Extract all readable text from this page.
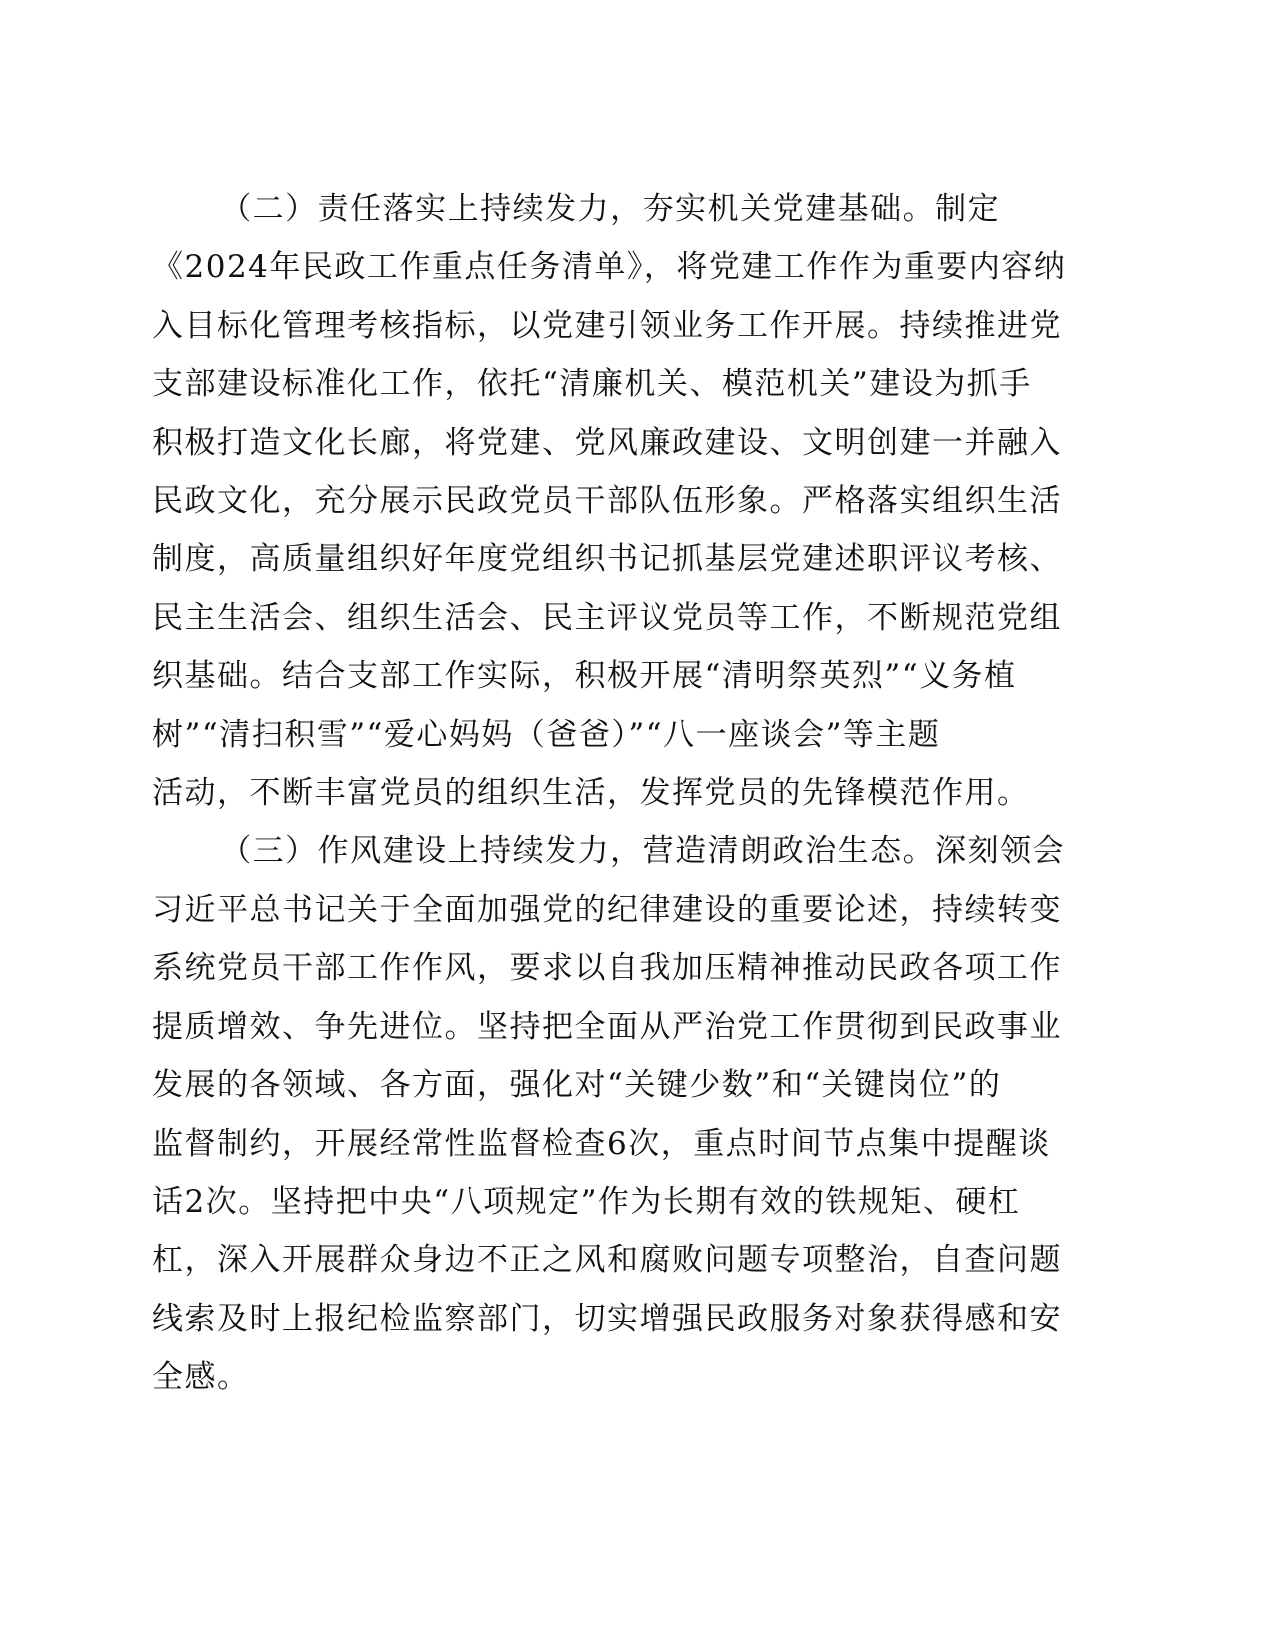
（二）责任落实上持续发力，夯实机关党建基础。制定
《2024年民政工作重点任务清单》，将党建工作作为重要内容纳
入目标化管理考核指标，以党建引领业务工作开展。持续推进党
支部建设标准化工作，依托“清廉机关、模范机关”建设为抓手
积极打造文化长廊，将党建、党风廉政建设、文明创建一并融入
民政文化，充分展示民政党员干部队伍形象。严格落实组织生活
制度，高质量组织好年度党组织书记抓基层党建述职评议考核、
民主生活会、组织生活会、民主评议党员等工作，不断规范党组
织基础。结合支部工作实际，积极开展“清明祭英烈”“义务植
树”“清扫积雪”“爱心妈妈（爸爸）”“八一座谈会”等主题
活动，不断丰富党员的组织生活，发挥党员的先锋模范作用。

（三）作风建设上持续发力，营造清朗政治生态。深刻领会
习近平总书记关于全面加强党的纪律建设的重要论述，持续转变
系统党员干部工作作风，要求以自我加压精神推动民政各项工作
提质增效、争先进位。坚持把全面从严治党工作贯彻到民政事业
发展的各领域、各方面，强化对“关键少数”和“关键岗位”的
监督制约，开展经常性监督检查6次，重点时间节点集中提醒谈
话2次。坚持把中央“八项规定”作为长期有效的铁规矩、硬杠
杠，深入开展群众身边不正之风和腐败问题专项整治，自查问题
线索及时上报纪检监察部门，切实增强民政服务对象获得感和安
全感。
